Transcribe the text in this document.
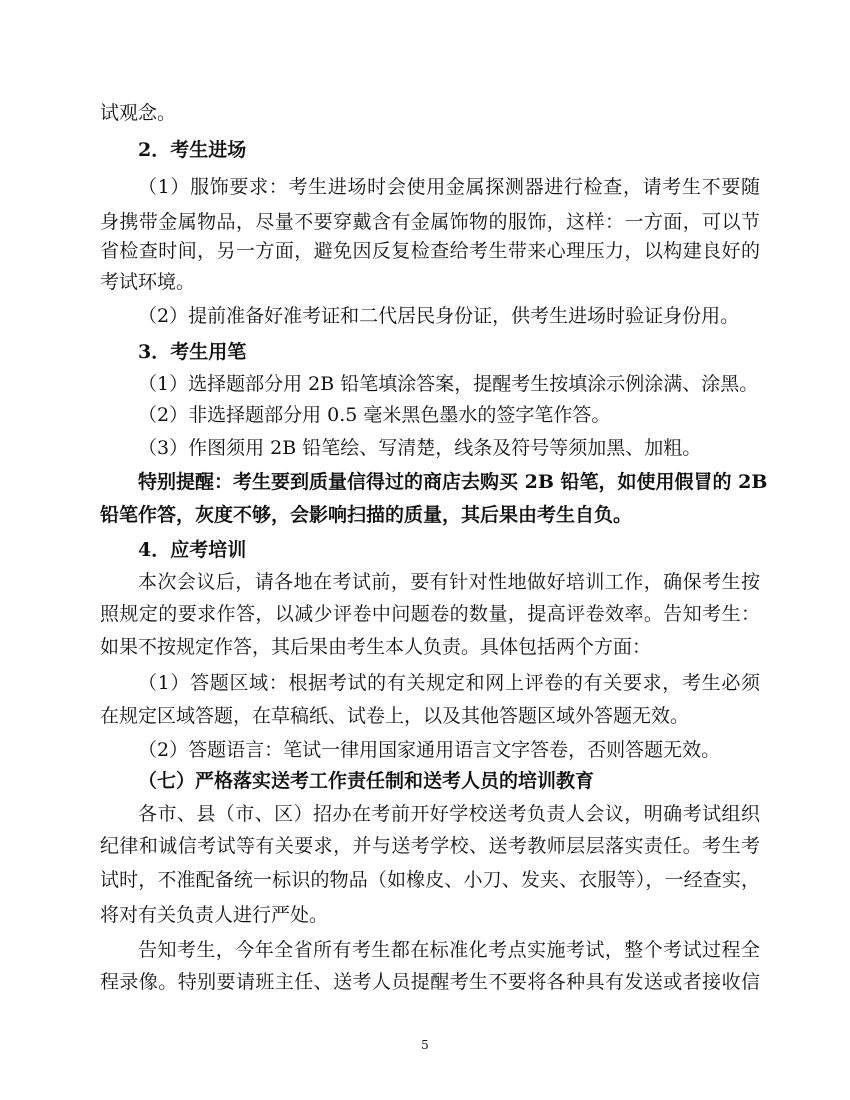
试观念。
2．考生进场
（1）服饰要求：考生进场时会使用金属探测器进行检查，请考生不要随
身携带金属物品，尽量不要穿戴含有金属饰物的服饰，这样：一方面，可以节
省检查时间，另一方面，避免因反复检查给考生带来心理压力，以构建良好的
考试环境。
（2）提前准备好准考证和二代居民身份证，供考生进场时验证身份用。
3．考生用笔
（1）选择题部分用 2B 铅笔填涂答案，提醒考生按填涂示例涂满、涂黑。
（2）非选择题部分用 0.5 毫米黑色墨水的签字笔作答。
（3）作图须用 2B 铅笔绘、写清楚，线条及符号等须加黑、加粗。
特别提醒：考生要到质量信得过的商店去购买 2B 铅笔，如使用假冒的 2B
铅笔作答，灰度不够，会影响扫描的质量，其后果由考生自负。
4．应考培训
本次会议后，请各地在考试前，要有针对性地做好培训工作，确保考生按
照规定的要求作答，以减少评卷中问题卷的数量，提高评卷效率。告知考生：
如果不按规定作答，其后果由考生本人负责。具体包括两个方面：
（1）答题区域：根据考试的有关规定和网上评卷的有关要求，考生必须
在规定区域答题，在草稿纸、试卷上，以及其他答题区域外答题无效。
（2）答题语言：笔试一律用国家通用语言文字答卷，否则答题无效。
（七）严格落实送考工作责任制和送考人员的培训教育
各市、县（市、区）招办在考前开好学校送考负责人会议，明确考试组织
纪律和诚信考试等有关要求，并与送考学校、送考教师层层落实责任。考生考
试时，不准配备统一标识的物品（如橡皮、小刀、发夹、衣服等），一经查实，
将对有关负责人进行严处。
告知考生，今年全省所有考生都在标准化考点实施考试，整个考试过程全
程录像。特别要请班主任、送考人员提醒考生不要将各种具有发送或者接收信
5
